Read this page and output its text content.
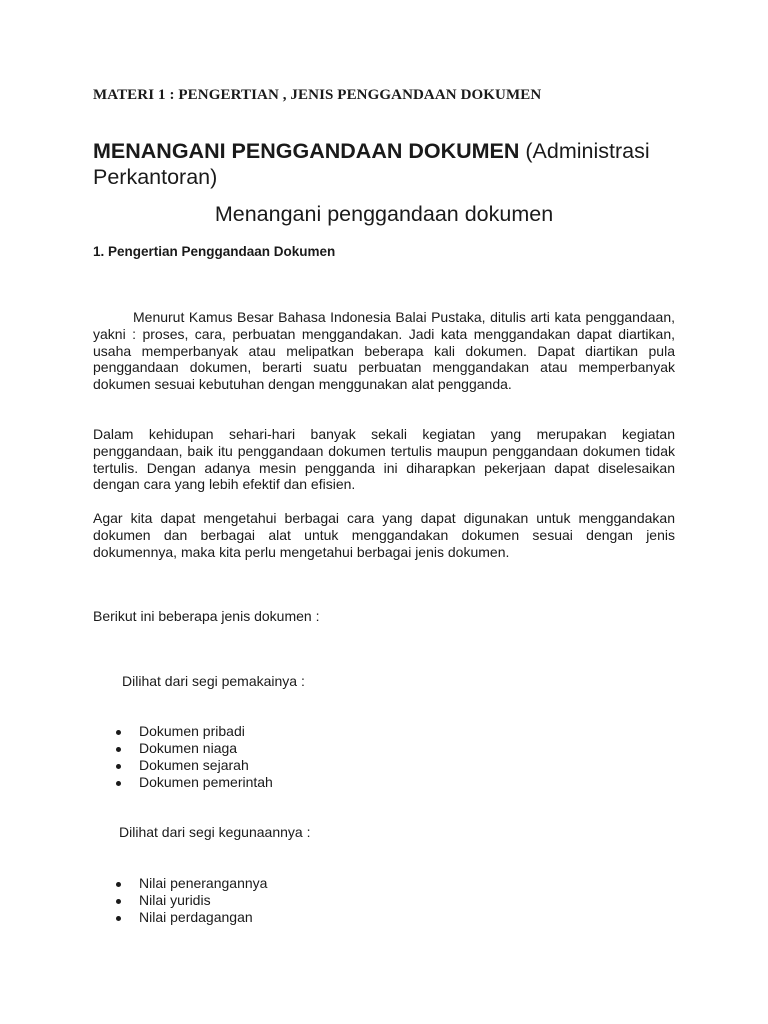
MATERI 1 : PENGERTIAN , JENIS PENGGANDAAN DOKUMEN

MENANGANI PENGGANDAAN DOKUMEN (Administrasi Perkantoran)

Menangani penggandaan dokumen

1. Pengertian Penggandaan Dokumen

Menurut Kamus Besar Bahasa Indonesia Balai Pustaka, ditulis arti kata penggandaan, yakni : proses, cara, perbuatan menggandakan. Jadi kata menggandakan dapat diartikan, usaha memperbanyak atau melipatkan beberapa kali dokumen. Dapat diartikan pula penggandaan dokumen, berarti suatu perbuatan menggandakan atau memperbanyak dokumen sesuai kebutuhan dengan menggunakan alat pengganda.

Dalam kehidupan sehari-hari banyak sekali kegiatan yang merupakan kegiatan penggandaan, baik itu penggandaan dokumen tertulis maupun penggandaan dokumen tidak tertulis. Dengan adanya mesin pengganda ini diharapkan pekerjaan dapat diselesaikan dengan cara yang lebih efektif dan efisien.

Agar kita dapat mengetahui berbagai cara yang dapat digunakan untuk menggandakan dokumen dan berbagai alat untuk menggandakan dokumen sesuai dengan jenis dokumennya, maka kita perlu mengetahui berbagai jenis dokumen.

Berikut ini beberapa jenis dokumen :

Dilihat dari segi pemakainya :

Dokumen pribadi
Dokumen niaga
Dokumen sejarah
Dokumen pemerintah

Dilihat dari segi kegunaannya :

Nilai penerangannya
Nilai yuridis
Nilai perdagangan
